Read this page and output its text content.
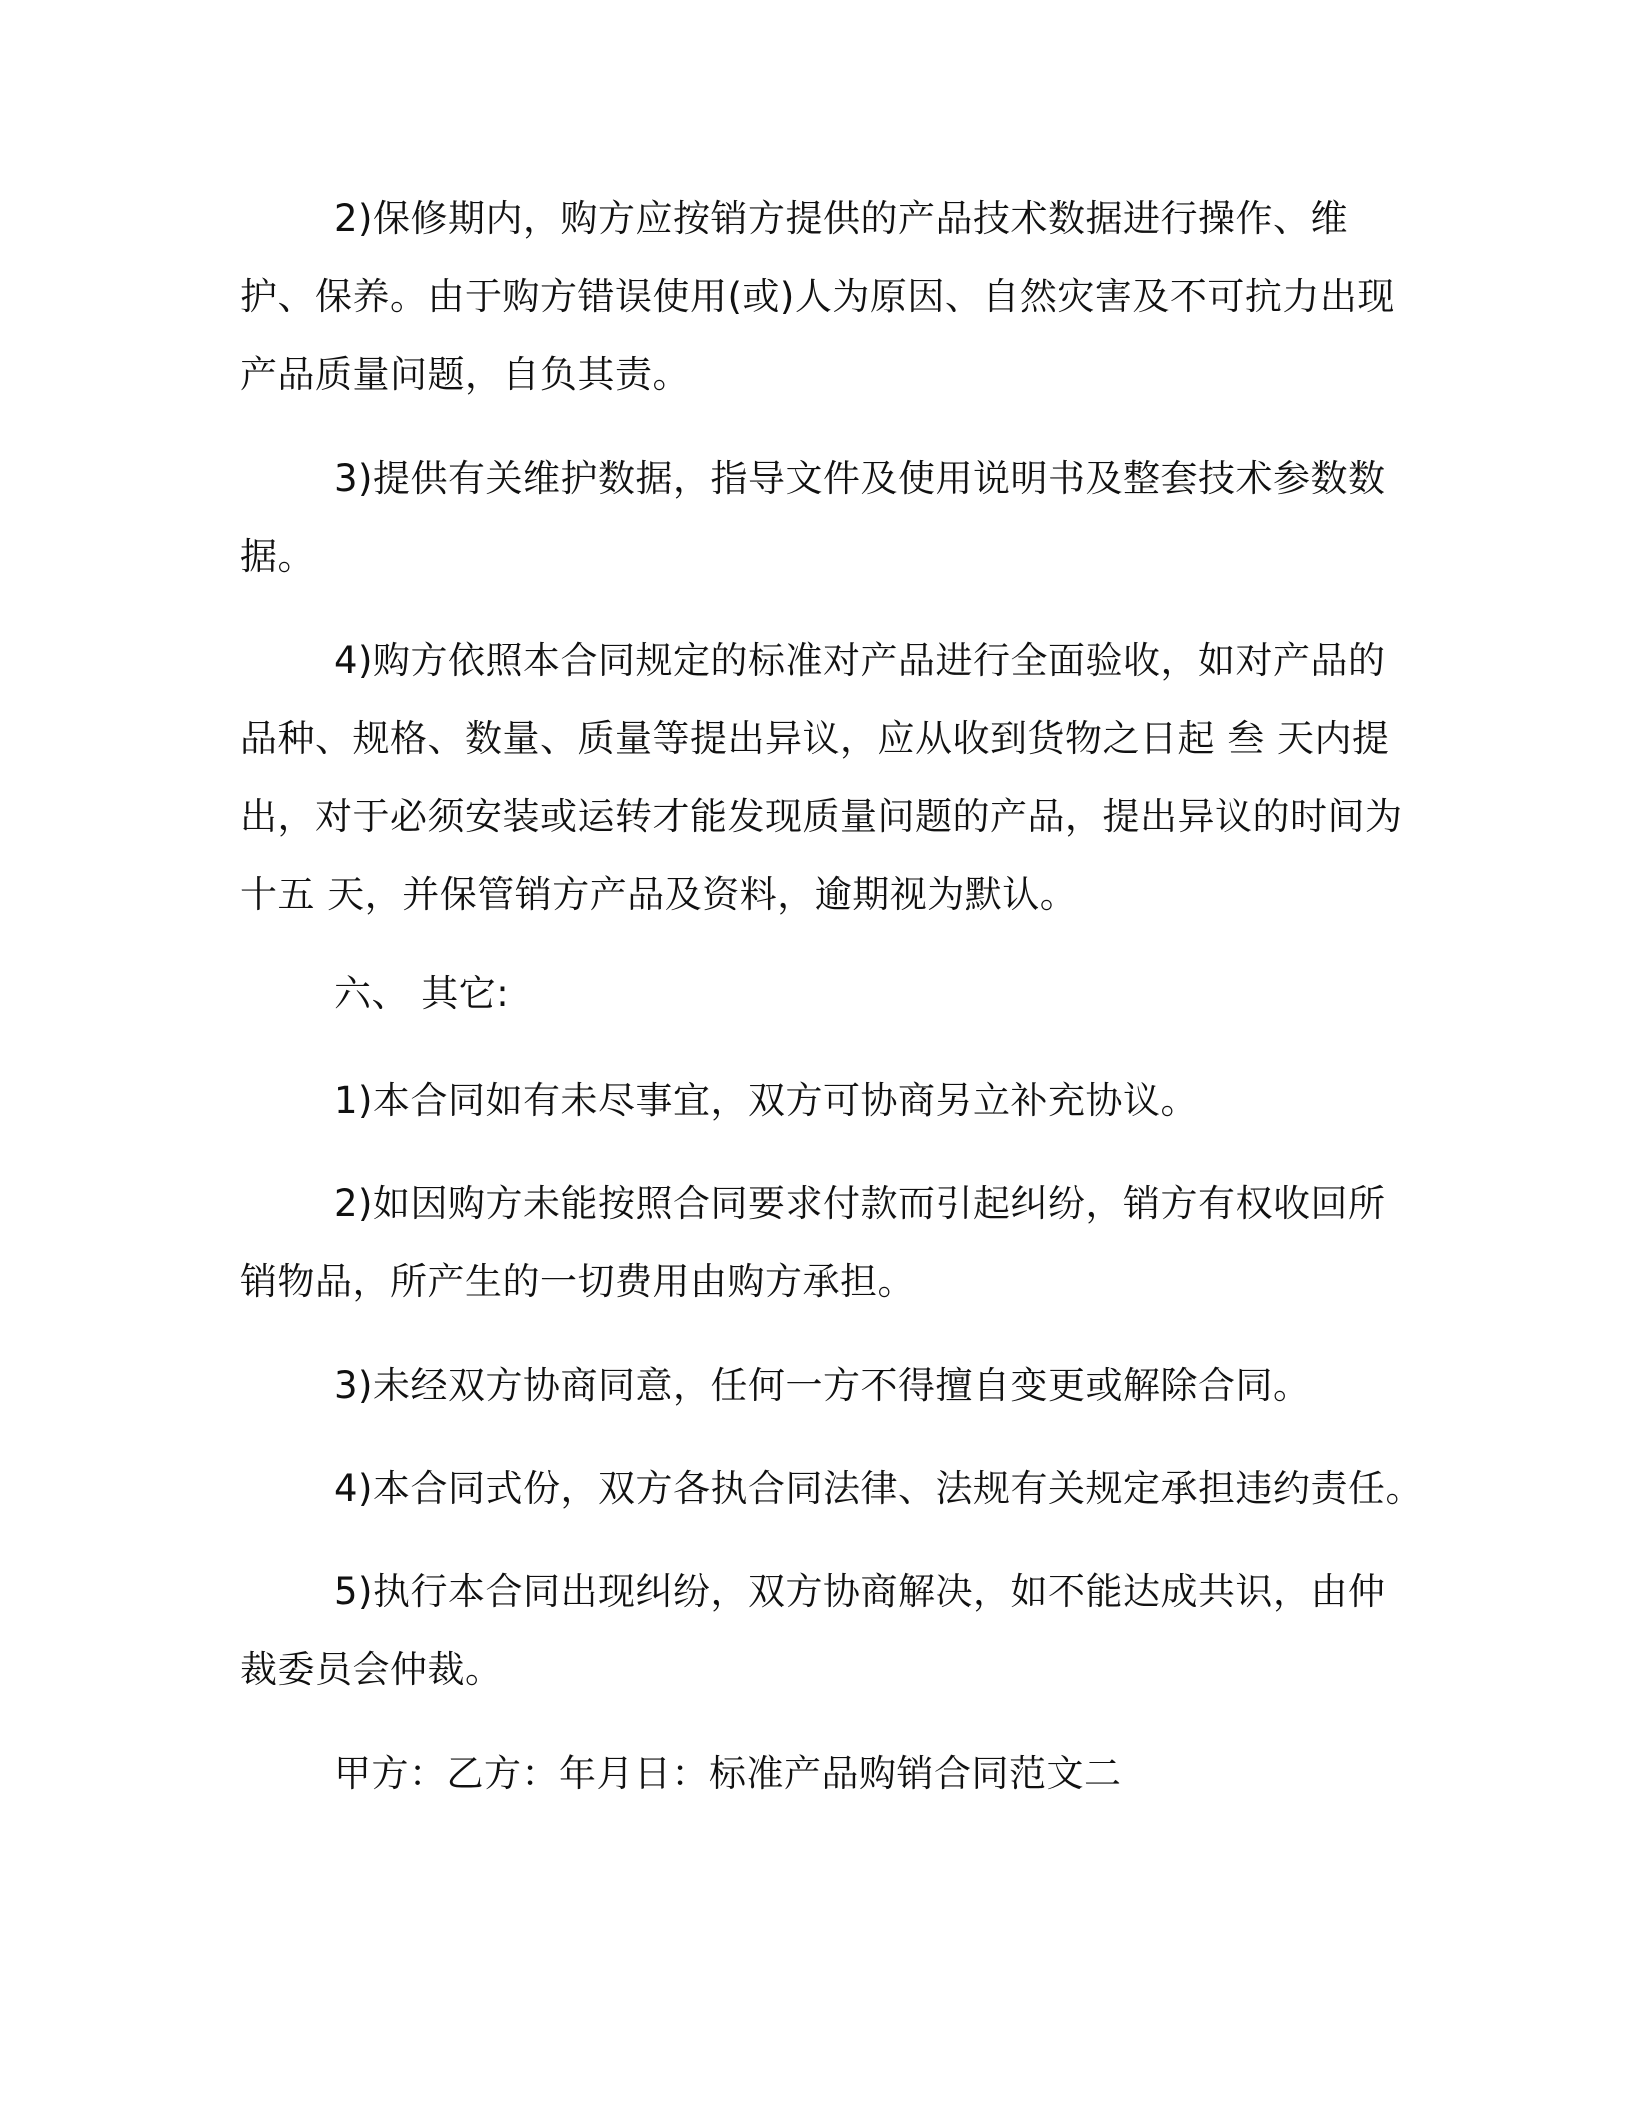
2)保修期内，购方应按销方提供的产品技术数据进行操作、维护、保养。由于购方错误使用(或)人为原因、自然灾害及不可抗力出现产品质量问题，自负其责。

3)提供有关维护数据，指导文件及使用说明书及整套技术参数数据。

4)购方依照本合同规定的标准对产品进行全面验收，如对产品的品种、规格、数量、质量等提出异议，应从收到货物之日起 叁 天内提出，对于必须安装或运转才能发现质量问题的产品，提出异议的时间为 十五 天，并保管销方产品及资料，逾期视为默认。

六、 其它:

1)本合同如有未尽事宜，双方可协商另立补充协议。

2)如因购方未能按照合同要求付款而引起纠纷，销方有权收回所销物品，所产生的一切费用由购方承担。

3)未经双方协商同意，任何一方不得擅自变更或解除合同。

4)本合同式份，双方各执合同法律、法规有关规定承担违约责任。

5)执行本合同出现纠纷，双方协商解决，如不能达成共识，由仲裁委员会仲裁。

甲方：乙方：年月日：标准产品购销合同范文二
